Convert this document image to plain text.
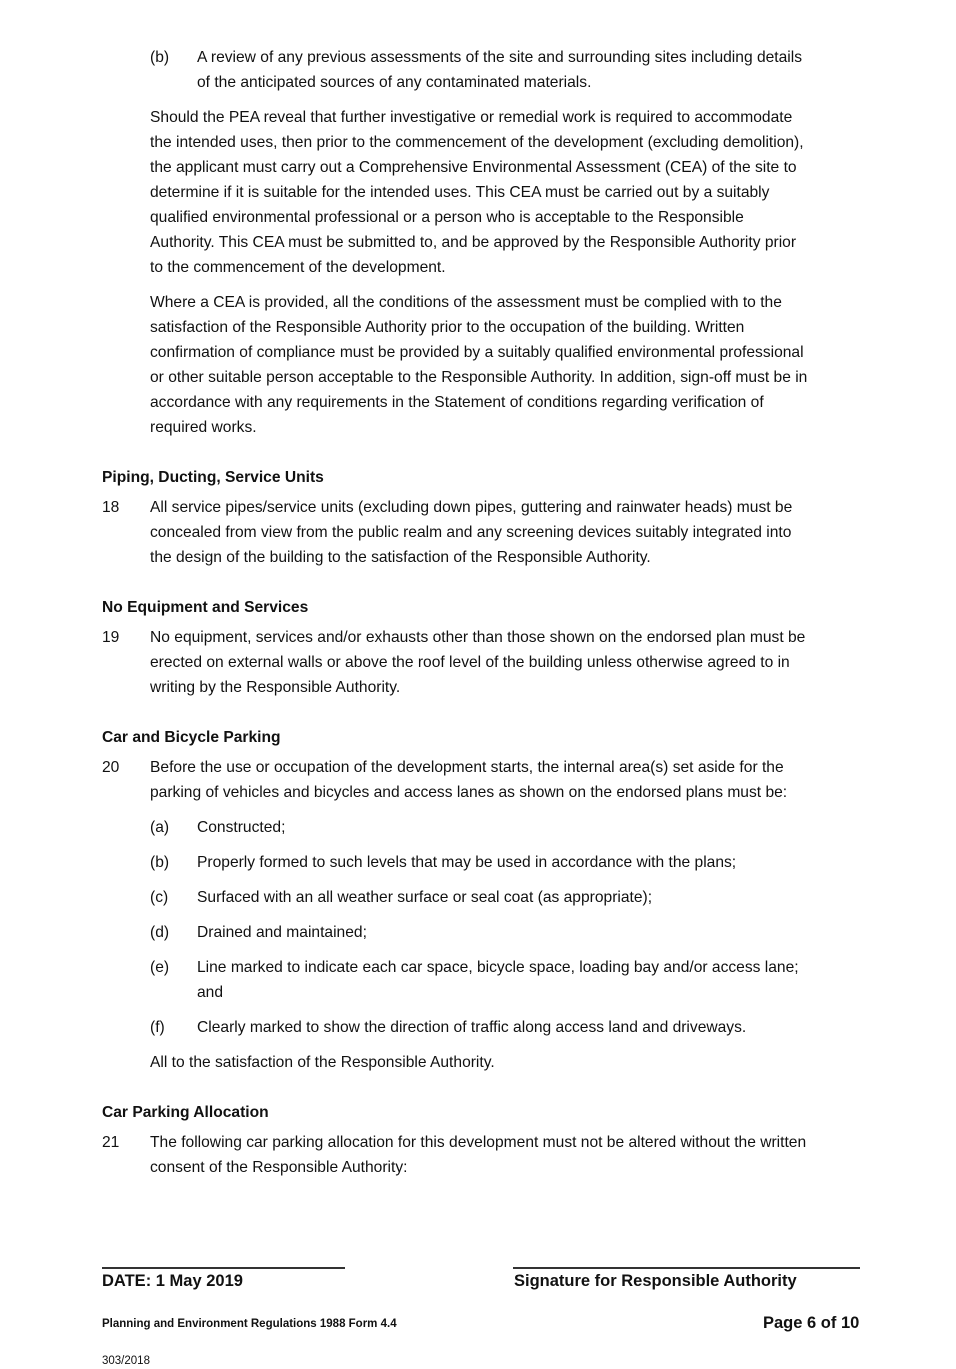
(b) A review of any previous assessments of the site and surrounding sites including details
of the anticipated sources of any contaminated materials.
Should the PEA reveal that further investigative or remedial work is required to accommodate
the intended uses, then prior to the commencement of the development (excluding demolition),
the applicant must carry out a Comprehensive Environmental Assessment (CEA) of the site to
determine if it is suitable for the intended uses. This CEA must be carried out by a suitably
qualified environmental professional or a person who is acceptable to the Responsible
Authority. This CEA must be submitted to, and be approved by the Responsible Authority prior
to the commencement of the development.
Where a CEA is provided, all the conditions of the assessment must be complied with to the
satisfaction of the Responsible Authority prior to the occupation of the building. Written
confirmation of compliance must be provided by a suitably qualified environmental professional
or other suitable person acceptable to the Responsible Authority. In addition, sign-off must be in
accordance with any requirements in the Statement of conditions regarding verification of
required works.
Piping, Ducting, Service Units
18 All service pipes/service units (excluding down pipes, guttering and rainwater heads) must be
concealed from view from the public realm and any screening devices suitably integrated into
the design of the building to the satisfaction of the Responsible Authority.
No Equipment and Services
19 No equipment, services and/or exhausts other than those shown on the endorsed plan must be
erected on external walls or above the roof level of the building unless otherwise agreed to in
writing by the Responsible Authority.
Car and Bicycle Parking
20 Before the use or occupation of the development starts, the internal area(s) set aside for the
parking of vehicles and bicycles and access lanes as shown on the endorsed plans must be:
(a) Constructed;
(b) Properly formed to such levels that may be used in accordance with the plans;
(c) Surfaced with an all weather surface or seal coat (as appropriate);
(d) Drained and maintained;
(e) Line marked to indicate each car space, bicycle space, loading bay and/or access lane;
and
(f) Clearly marked to show the direction of traffic along access land and driveways.
All to the satisfaction of the Responsible Authority.
Car Parking Allocation
21 The following car parking allocation for this development must not be altered without the written
consent of the Responsible Authority:
DATE: 1 May 2019	Signature for Responsible Authority
Planning and Environment Regulations 1988 Form 4.4	Page 6 of 10
303/2018
